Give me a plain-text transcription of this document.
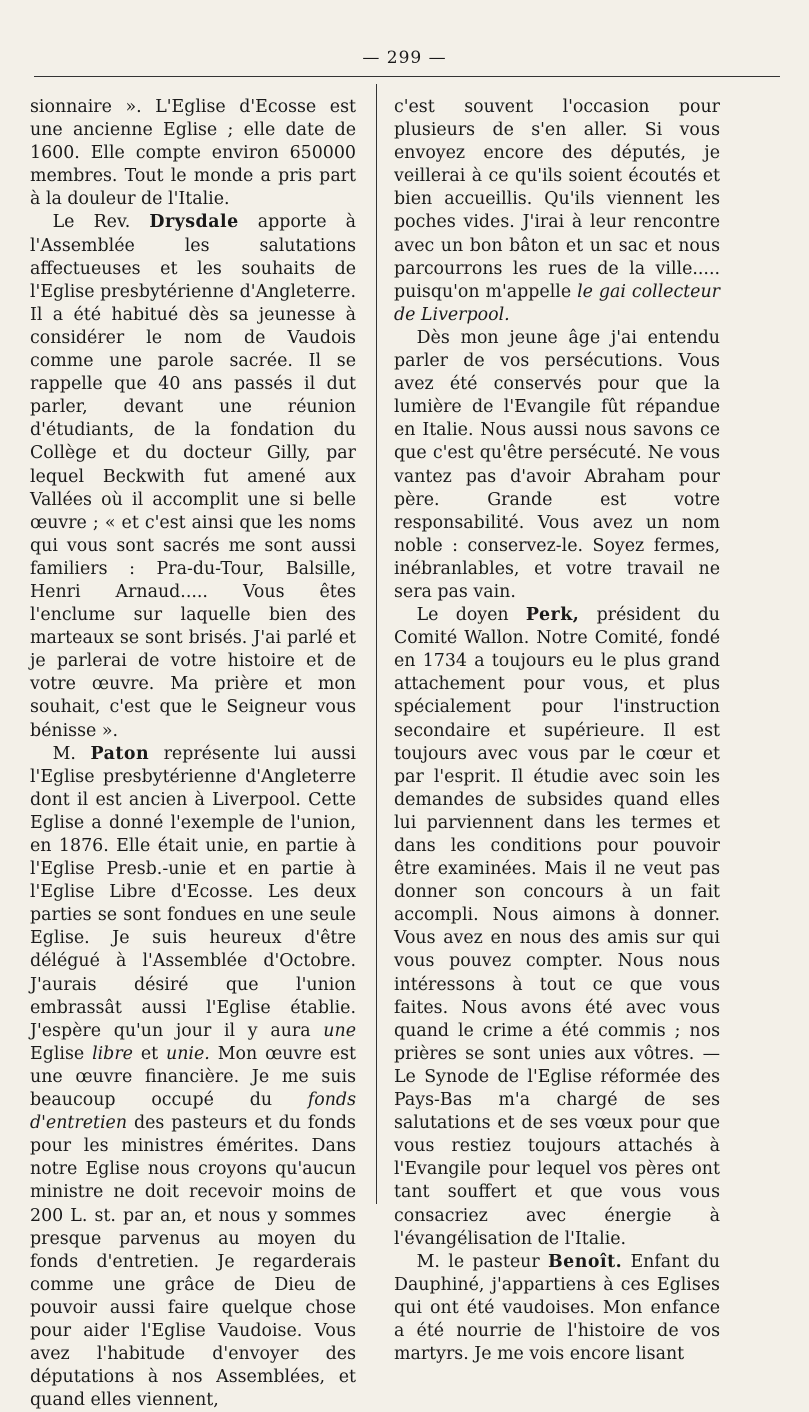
— 299 —

sionnaire ». L'Eglise d'Ecosse est une ancienne Eglise ; elle date de 1600. Elle compte environ 650000 membres. Tout le monde a pris part à la douleur de l'Italie.

Le Rev. Drysdale apporte à l'Assemblée les salutations affectueuses et les souhaits de l'Eglise presbytérienne d'Angleterre. Il a été habitué dès sa jeunesse à considérer le nom de Vaudois comme une parole sacrée. Il se rappelle que 40 ans passés il dut parler, devant une réunion d'étudiants, de la fondation du Collège et du docteur Gilly, par lequel Beckwith fut amené aux Vallées où il accomplit une si belle œuvre ; « et c'est ainsi que les noms qui vous sont sacrés me sont aussi familiers : Pra-du-Tour, Balsille, Henri Arnaud..... Vous êtes l'enclume sur laquelle bien des marteaux se sont brisés. J'ai parlé et je parlerai de votre histoire et de votre œuvre. Ma prière et mon souhait, c'est que le Seigneur vous bénisse ».

M. Paton représente lui aussi l'Eglise presbytérienne d'Angleterre dont il est ancien à Liverpool. Cette Eglise a donné l'exemple de l'union, en 1876. Elle était unie, en partie à l'Eglise Presb.-unie et en partie à l'Eglise Libre d'Ecosse. Les deux parties se sont fondues en une seule Eglise. Je suis heureux d'être délégué à l'Assemblée d'Octobre. J'aurais désiré que l'union embrassât aussi l'Eglise établie. J'espère qu'un jour il y aura une Eglise libre et unie. Mon œuvre est une œuvre financière. Je me suis beaucoup occupé du fonds d'entretien des pasteurs et du fonds pour les ministres émérites. Dans notre Eglise nous croyons qu'aucun ministre ne doit recevoir moins de 200 L. st. par an, et nous y sommes presque parvenus au moyen du fonds d'entretien. Je regarderais comme une grâce de Dieu de pouvoir aussi faire quelque chose pour aider l'Eglise Vaudoise. Vous avez l'habitude d'envoyer des députations à nos Assemblées, et quand elles viennent,

c'est souvent l'occasion pour plusieurs de s'en aller. Si vous envoyez encore des députés, je veillerai à ce qu'ils soient écoutés et bien accueillis. Qu'ils viennent les poches vides. J'irai à leur rencontre avec un bon bâton et un sac et nous parcourrons les rues de la ville..... puisqu'on m'appelle le gai collecteur de Liverpool.

Dès mon jeune âge j'ai entendu parler de vos persécutions. Vous avez été conservés pour que la lumière de l'Evangile fût répandue en Italie. Nous aussi nous savons ce que c'est qu'être persécuté. Ne vous vantez pas d'avoir Abraham pour père. Grande est votre responsabilité. Vous avez un nom noble : conservez-le. Soyez fermes, inébranlables, et votre travail ne sera pas vain.

Le doyen Perk, président du Comité Wallon. Notre Comité, fondé en 1734 a toujours eu le plus grand attachement pour vous, et plus spécialement pour l'instruction secondaire et supérieure. Il est toujours avec vous par le cœur et par l'esprit. Il étudie avec soin les demandes de subsides quand elles lui parviennent dans les termes et dans les conditions pour pouvoir être examinées. Mais il ne veut pas donner son concours à un fait accompli. Nous aimons à donner. Vous avez en nous des amis sur qui vous pouvez compter. Nous nous intéressons à tout ce que vous faites. Nous avons été avec vous quand le crime a été commis ; nos prières se sont unies aux vôtres. — Le Synode de l'Eglise réformée des Pays-Bas m'a chargé de ses salutations et de ses vœux pour que vous restiez toujours attachés à l'Evangile pour lequel vos pères ont tant souffert et que vous vous consacriez avec énergie à l'évangélisation de l'Italie.

M. le pasteur Benoît. Enfant du Dauphiné, j'appartiens à ces Eglises qui ont été vaudoises. Mon enfance a été nourrie de l'histoire de vos martyrs. Je me vois encore lisant
